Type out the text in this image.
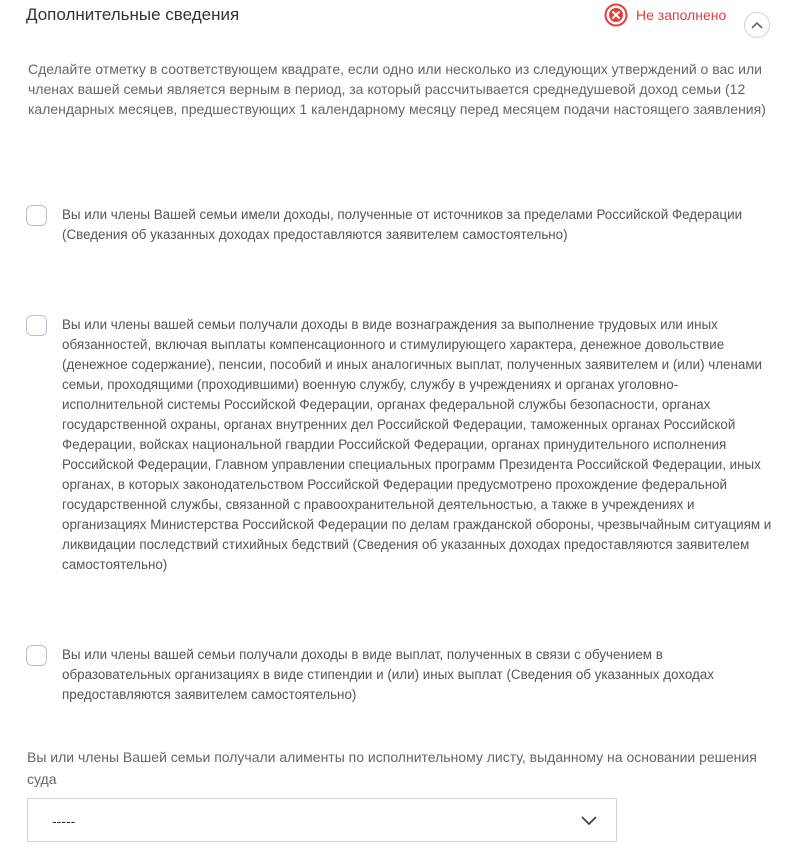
Дополнительные сведения	Не заполнено
Сделайте отметку в соответствующем квадрате, если одно или несколько из следующих утверждений о вас или членах вашей семьи является верным в период, за который рассчитывается среднедушевой доход семьи (12 календарных месяцев, предшествующих 1 календарному месяцу перед месяцем подачи настоящего заявления)
Вы или члены Вашей семьи имели доходы, полученные от источников за пределами Российской Федерации (Сведения об указанных доходах предоставляются заявителем самостоятельно)
Вы или члены вашей семьи получали доходы в виде вознаграждения за выполнение трудовых или иных обязанностей, включая выплаты компенсационного и стимулирующего характера, денежное довольствие (денежное содержание), пенсии, пособий и иных аналогичных выплат, полученных заявителем и (или) членами семьи, проходящими (проходившими) военную службу, службу в учреждениях и органах уголовно-исполнительной системы Российской Федерации, органах федеральной службы безопасности, органах государственной охраны, органах внутренних дел Российской Федерации, таможенных органах Российской Федерации, войсках национальной гвардии Российской Федерации, органах принудительного исполнения Российской Федерации, Главном управлении специальных программ Президента Российской Федерации, иных органах, в которых законодательством Российской Федерации предусмотрено прохождение федеральной государственной службы, связанной с правоохранительной деятельностью, а также в учреждениях и организациях Министерства Российской Федерации по делам гражданской обороны, чрезвычайным ситуациям и ликвидации последствий стихийных бедствий (Сведения об указанных доходах предоставляются заявителем самостоятельно)
Вы или члены вашей семьи получали доходы в виде выплат, полученных в связи с обучением в образовательных организациях в виде стипендии и (или) иных выплат (Сведения об указанных доходах предоставляются заявителем самостоятельно)
Вы или члены Вашей семьи получали алименты по исполнительному листу, выданному на основании решения суда
-----
